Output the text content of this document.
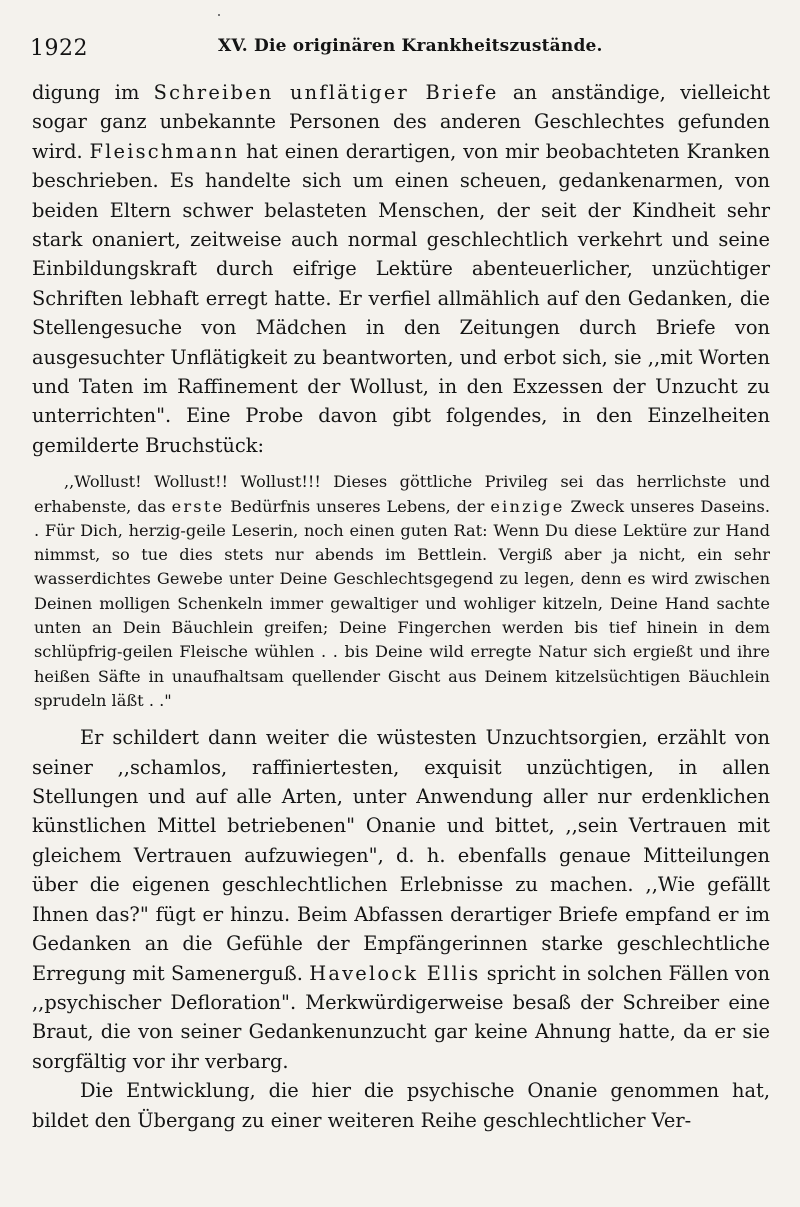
1922	XV. Die originären Krankheitszustände.

digung im Schreiben unflätiger Briefe an anständige, vielleicht sogar ganz unbekannte Personen des anderen Geschlechtes gefunden wird. Fleischmann hat einen derartigen, von mir beobachteten Kranken beschrieben. Es handelte sich um einen scheuen, gedankenarmen, von beiden Eltern schwer belasteten Menschen, der seit der Kindheit sehr stark onaniert, zeitweise auch normal geschlechtlich verkehrt und seine Einbildungskraft durch eifrige Lektüre abenteuerlicher, unzüchtiger Schriften lebhaft erregt hatte. Er verfiel allmählich auf den Gedanken, die Stellengesuche von Mädchen in den Zeitungen durch Briefe von ausgesuchter Unflätigkeit zu beantworten, und erbot sich, sie ,,mit Worten und Taten im Raffinement der Wollust, in den Exzessen der Unzucht zu unterrichten". Eine Probe davon gibt folgendes, in den Einzelheiten gemilderte Bruchstück:

,,Wollust! Wollust!! Wollust!!! Dieses göttliche Privileg sei das herrlichste und erhabenste, das erste Bedürfnis unseres Lebens, der einzige Zweck unseres Daseins. . Für Dich, herzig-geile Leserin, noch einen guten Rat: Wenn Du diese Lektüre zur Hand nimmst, so tue dies stets nur abends im Bettlein. Vergiß aber ja nicht, ein sehr wasserdichtes Gewebe unter Deine Geschlechtsgegend zu legen, denn es wird zwischen Deinen molligen Schenkeln immer gewaltiger und wohliger kitzeln, Deine Hand sachte unten an Dein Bäuchlein greifen; Deine Fingerchen werden bis tief hinein in dem schlüpfrig-geilen Fleische wühlen . . bis Deine wild erregte Natur sich ergießt und ihre heißen Säfte in unaufhaltsam quellender Gischt aus Deinem kitzelsüchtigen Bäuchlein sprudeln läßt . ."

Er schildert dann weiter die wüstesten Unzuchtsorgien, erzählt von seiner ,,schamlos, raffiniertesten, exquisit unzüchtigen, in allen Stellungen und auf alle Arten, unter Anwendung aller nur erdenklichen künstlichen Mittel betriebenen" Onanie und bittet, ,,sein Vertrauen mit gleichem Vertrauen aufzuwiegen", d. h. ebenfalls genaue Mitteilungen über die eigenen geschlechtlichen Erlebnisse zu machen. ,,Wie gefällt Ihnen das?" fügt er hinzu. Beim Abfassen derartiger Briefe empfand er im Gedanken an die Gefühle der Empfängerinnen starke geschlechtliche Erregung mit Samenerguß. Havelock Ellis spricht in solchen Fällen von ,,psychischer Defloration". Merkwürdigerweise besaß der Schreiber eine Braut, die von seiner Gedankenunzucht gar keine Ahnung hatte, da er sie sorgfältig vor ihr verbarg.

Die Entwicklung, die hier die psychische Onanie genommen hat, bildet den Übergang zu einer weiteren Reihe geschlechtlicher Ver-
